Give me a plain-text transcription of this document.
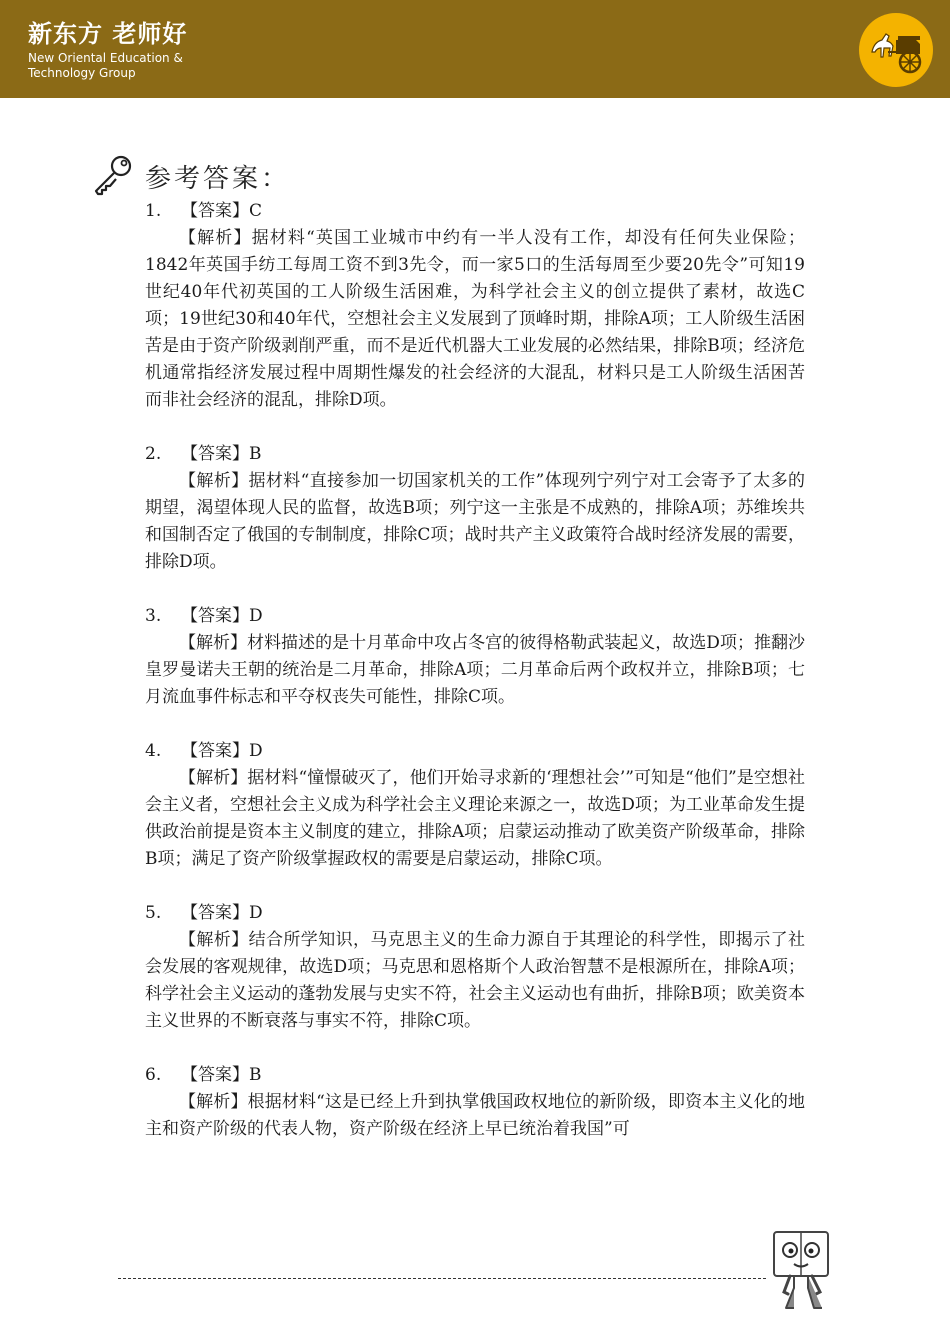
新东方 老师好
New Oriental Education &
Technology Group
参考答案：
1. 【答案】C
【解析】据材料“英国工业城市中约有一半人没有工作，却没有任何失业保险；1842年英国手纺工每周工资不到3先令，而一家5口的生活每周至少要20先令”可知19世纪40年代初英国的工人阶级生活困难，为科学社会主义的创立提供了素材，故选C项；19世纪30和40年代，空想社会主义发展到了顶峰时期，排除A项；工人阶级生活困苦是由于资产阶级剥削严重，而不是近代机器大工业发展的必然结果，排除B项；经济危机通常指经济发展过程中周期性爆发的社会经济的大混乱，材料只是工人阶级生活困苦而非社会经济的混乱，排除D项。
2. 【答案】B
【解析】据材料“直接参加一切国家机关的工作”体现列宁列宁对工会寄予了太多的期望，渴望体现人民的监督，故选B项；列宁这一主张是不成熟的，排除A项；苏维埃共和国制否定了俄国的专制制度，排除C项；战时共产主义政策符合战时经济发展的需要，排除D项。
3. 【答案】D
【解析】材料描述的是十月革命中攻占冬宫的彼得格勒武装起义，故选D项；推翻沙皇罗曼诺夫王朝的统治是二月革命，排除A项；二月革命后两个政权并立，排除B项；七月流血事件标志和平夺权丧失可能性，排除C项。
4. 【答案】D
【解析】据材料“憧憬破灭了，他们开始寻求新的‘理想社会’”可知是“他们”是空想社会主义者，空想社会主义成为科学社会主义理论来源之一，故选D项；为工业革命发生提供政治前提是资本主义制度的建立，排除A项；启蒙运动推动了欧美资产阶级革命，排除B项；满足了资产阶级掌握政权的需要是启蒙运动，排除C项。
5. 【答案】D
【解析】结合所学知识，马克思主义的生命力源自于其理论的科学性，即揭示了社会发展的客观规律，故选D项；马克思和恩格斯个人政治智慧不是根源所在，排除A项；科学社会主义运动的蓬勃发展与史实不符，社会主义运动也有曲折，排除B项；欧美资本主义世界的不断衰落与事实不符，排除C项。
6. 【答案】B
【解析】根据材料“这是已经上升到执掌俄国政权地位的新阶级，即资本主义化的地主和资产阶级的代表人物，资产阶级在经济上早已统治着我国”可
